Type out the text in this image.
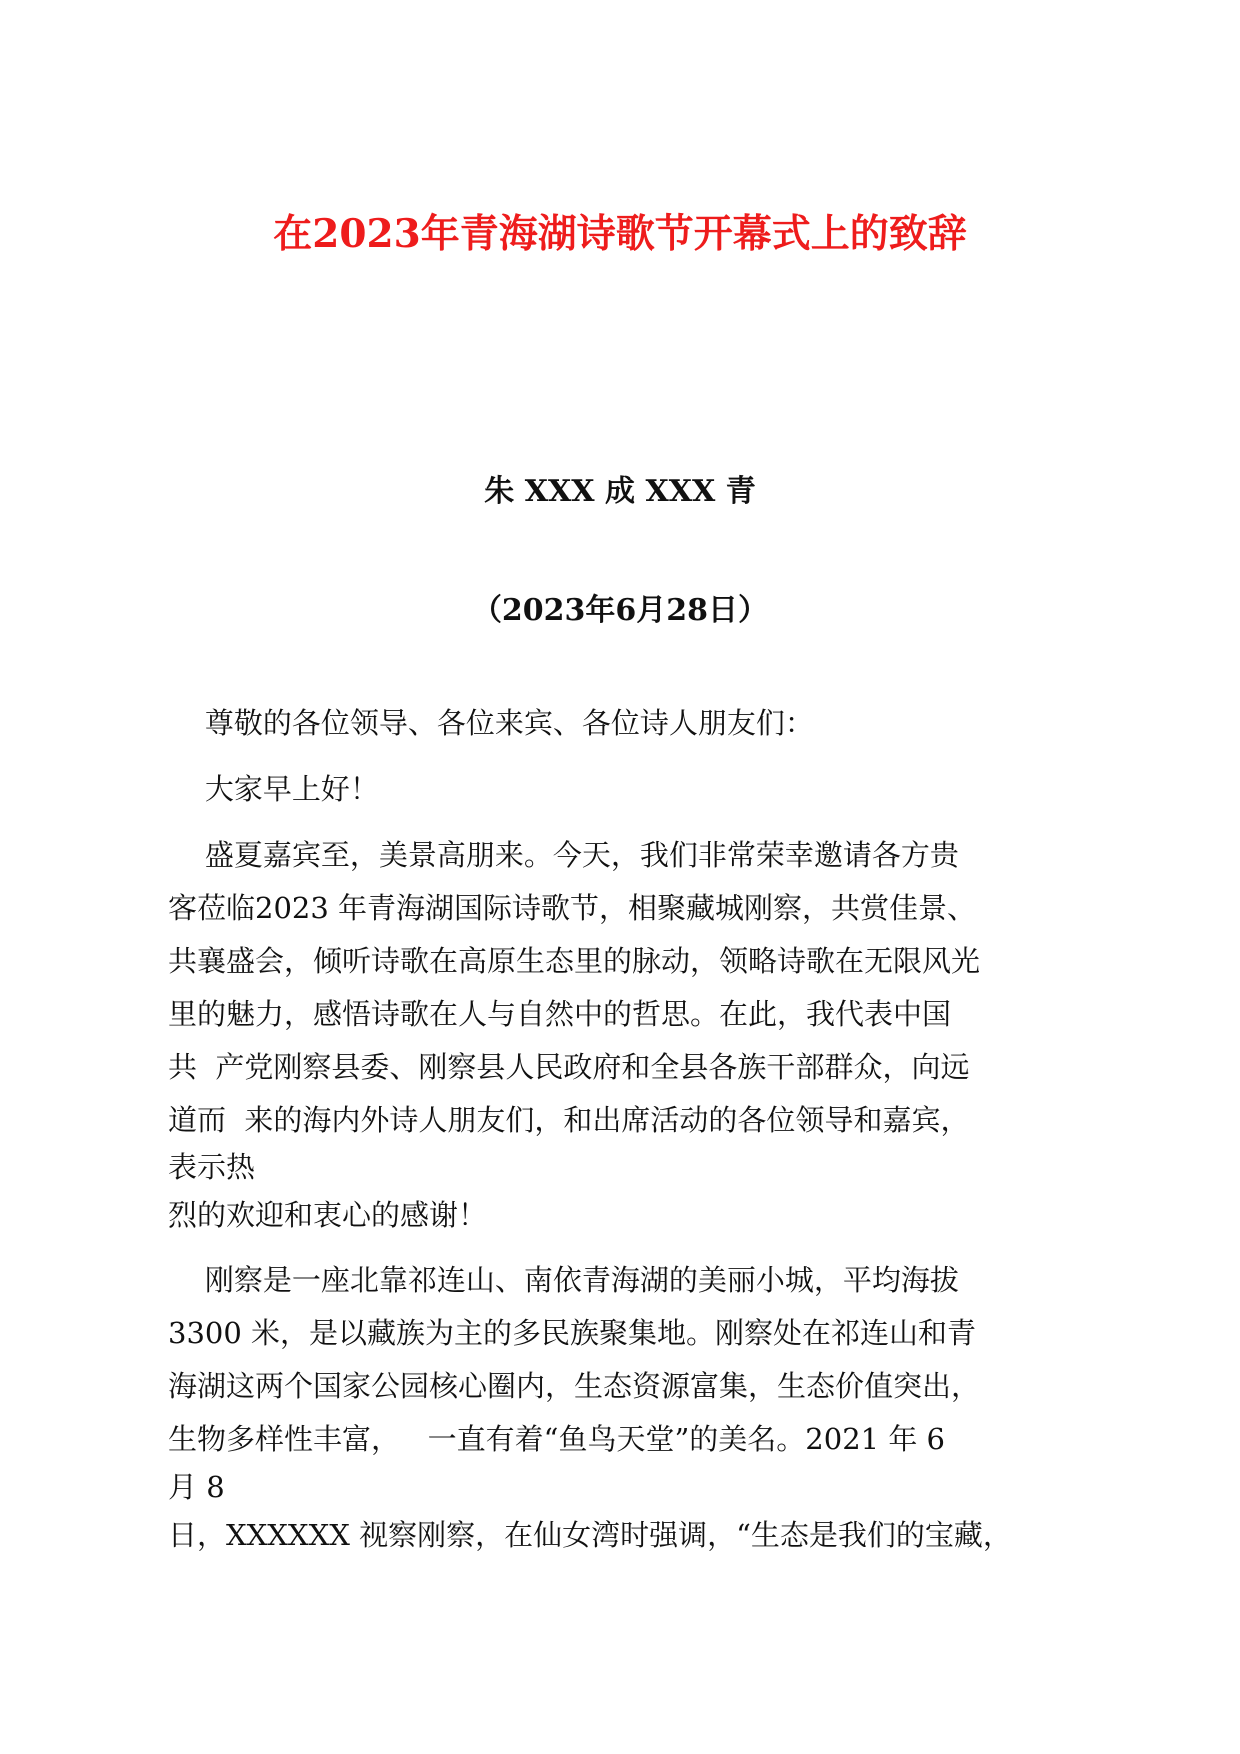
在2023年青海湖诗歌节开幕式上的致辞

朱 XXX 成 XXX 青

（2023年6月28日）

尊敬的各位领导、各位来宾、各位诗人朋友们：

大家早上好！

盛夏嘉宾至，美景高朋来。今天，我们非常荣幸邀请各方贵

客莅临2023 年青海湖国际诗歌节，相聚藏城刚察，共赏佳景、

共襄盛会，倾听诗歌在高原生态里的脉动，领略诗歌在无限风光

里的魅力，感悟诗歌在人与自然中的哲思。在此，我代表中国

共  产党刚察县委、刚察县人民政府和全县各族干部群众，向远

道而  来的海内外诗人朋友们，和出席活动的各位领导和嘉宾，

表示热

烈的欢迎和衷心的感谢！

刚察是一座北靠祁连山、南依青海湖的美丽小城，平均海拔

3300 米，是以藏族为主的多民族聚集地。刚察处在祁连山和青

海湖这两个国家公园核心圈内，生态资源富集，生态价值突出，

生物多样性丰富，   一直有着“鱼鸟天堂”的美名。2021 年 6

月 8

日，XXXXXX 视察刚察，在仙女湾时强调，“生态是我们的宝藏，
